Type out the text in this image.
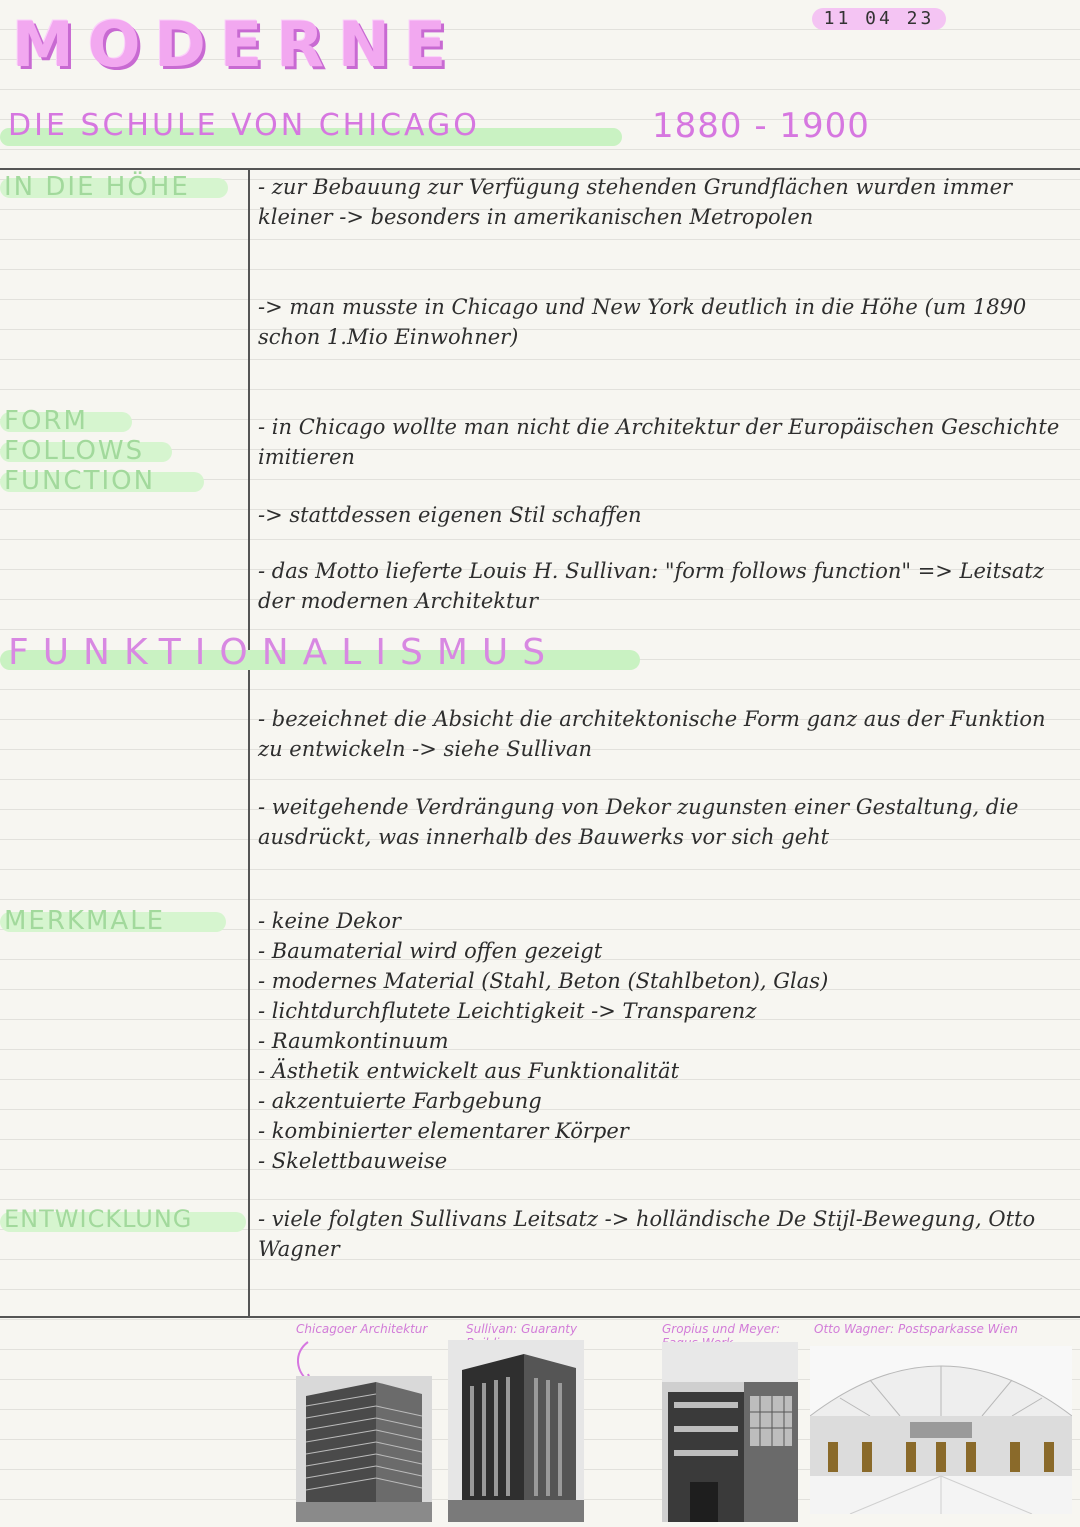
MODERNE	11 04 23
DIE SCHULE VON CHICAGO	1880 - 1900
IN DIE HÖHE	- zur Bebauung zur Verfügung stehenden Grundflächen wurden immer kleiner -> besonders in amerikanischen Metropolen
-> man musste in Chicago und New York deutlich in die Höhe (um 1890 schon 1.Mio Einwohner)
FORM
FOLLOWS
FUNCTION
- in Chicago wollte man nicht die Architektur der Europäischen Geschichte imitieren
-> stattdessen eigenen Stil schaffen
- das Motto lieferte Louis H. Sullivan: "form follows function" => Leitsatz der modernen Architektur
FUNKTIONALISMUS
- bezeichnet die Absicht die architektonische Form ganz aus der Funktion zu entwickeln -> siehe Sullivan
- weitgehende Verdrängung von Dekor zugunsten einer Gestaltung, die ausdrückt, was innerhalb des Bauwerks vor sich geht
MERKMALE
-	keine Dekor
- Baumaterial wird offen gezeigt
- modernes Material (Stahl, Beton (Stahlbeton), Glas)
- lichtdurchflutete Leichtigkeit -> Transparenz
- Raumkontinuum
- Ästhetik entwickelt aus Funktionalität
- akzentuierte Farbgebung
- kombinierter elementarer Körper
- Skelettbauweise
ENTWICKLUNG	- viele folgten Sullivans Leitsatz -> holländische De Stijl-Bewegung, Otto Wagner
Chicagoer Architektur	Sullivan: Guaranty	Gropius und Meyer:	Otto Wagner: Postsparkasse Wien
